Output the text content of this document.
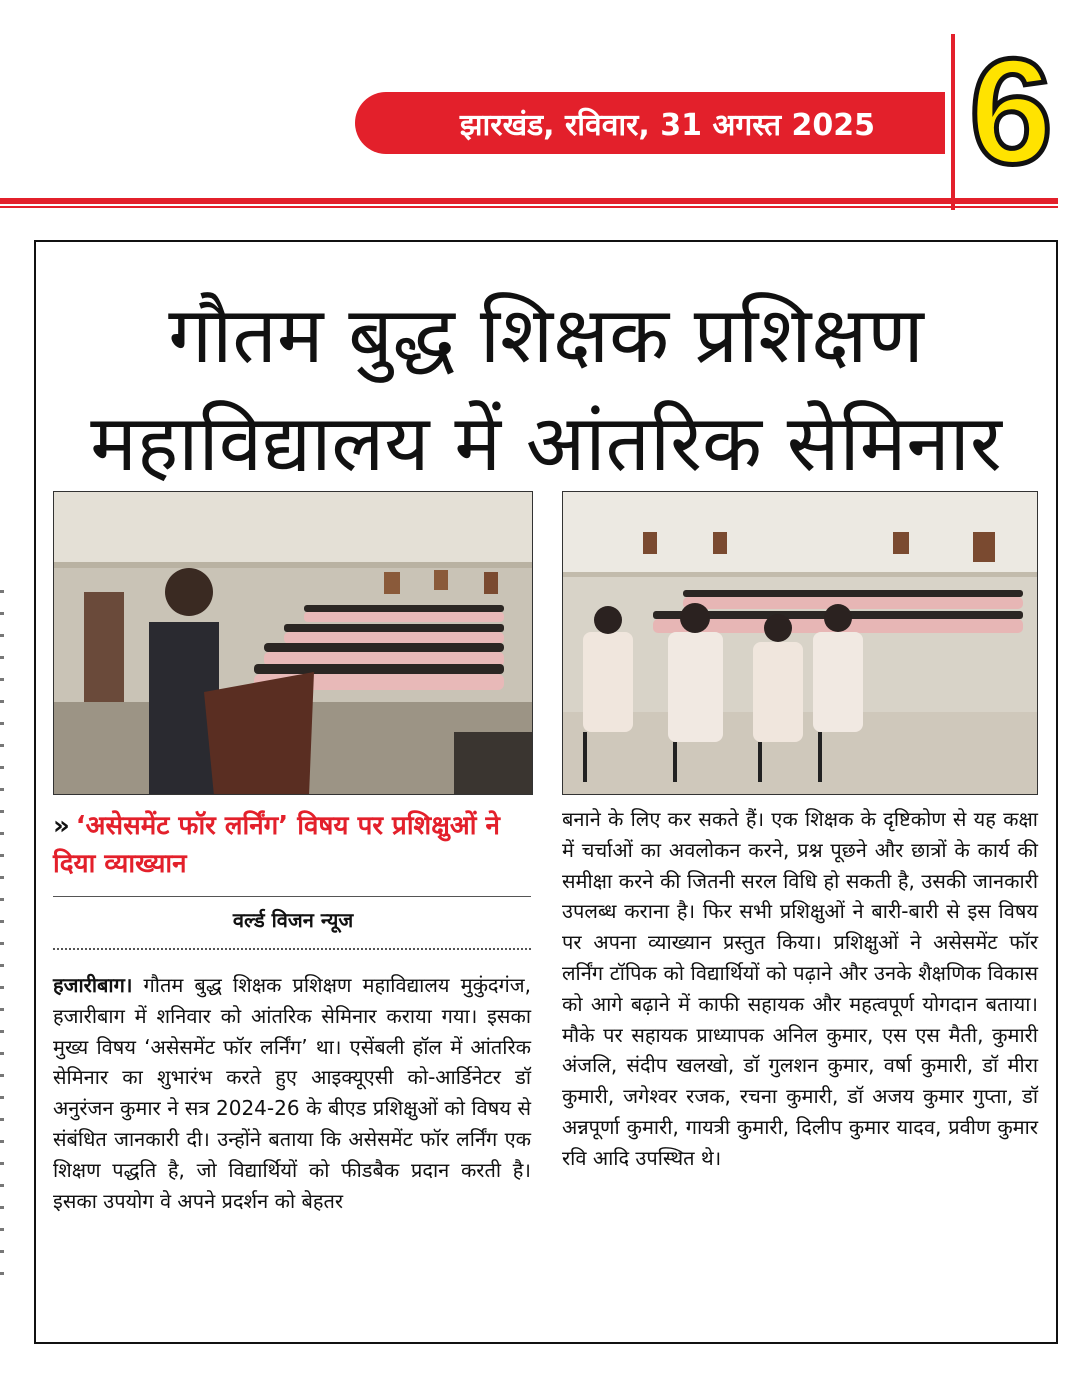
झारखंड, रविवार, 31 अगस्त 2025 6
गौतम बुद्ध शिक्षक प्रशिक्षण
महाविद्यालय में आंतरिक सेमिनार
» ‘असेसमेंट फॉर लर्निंग’ विषय पर प्रशिक्षुओं ने दिया व्याख्यान
वर्ल्ड विजन न्यूज
हजारीबाग। गौतम बुद्ध शिक्षक प्रशिक्षण महाविद्यालय मुकुंदगंज, हजारीबाग में शनिवार को आंतरिक सेमिनार कराया गया। इसका मुख्य विषय ‘असेसमेंट फॉर लर्निंग’ था। एसेंबली हॉल में आंतरिक सेमिनार का शुभारंभ करते हुए आइक्यूएसी को-आर्डिनेटर डॉ अनुरंजन कुमार ने सत्र 2024-26 के बीएड प्रशिक्षुओं को विषय से संबंधित जानकारी दी। उन्होंने बताया कि असेसमेंट फॉर लर्निंग एक शिक्षण पद्धति है, जो विद्यार्थियों को फीडबैक प्रदान करती है। इसका उपयोग वे अपने प्रदर्शन को बेहतर
बनाने के लिए कर सकते हैं। एक शिक्षक के दृष्टिकोण से यह कक्षा में चर्चाओं का अवलोकन करने, प्रश्न पूछने और छात्रों के कार्य की समीक्षा करने की जितनी सरल विधि हो सकती है, उसकी जानकारी उपलब्ध कराना है। फिर सभी प्रशिक्षुओं ने बारी-बारी से इस विषय पर अपना व्याख्यान प्रस्तुत किया। प्रशिक्षुओं ने असेसमेंट फॉर लर्निंग टॉपिक को विद्यार्थियों को पढ़ाने और उनके शैक्षणिक विकास को आगे बढ़ाने में काफी सहायक और महत्वपूर्ण योगदान बताया। मौके पर सहायक प्राध्यापक अनिल कुमार, एस एस मैती, कुमारी अंजलि, संदीप खलखो, डॉ गुलशन कुमार, वर्षा कुमारी, डॉ मीरा कुमारी, जगेश्वर रजक, रचना कुमारी, डॉ अजय कुमार गुप्ता, डॉ अन्नपूर्णा कुमारी, गायत्री कुमारी, दिलीप कुमार यादव, प्रवीण कुमार रवि आदि उपस्थित थे।
